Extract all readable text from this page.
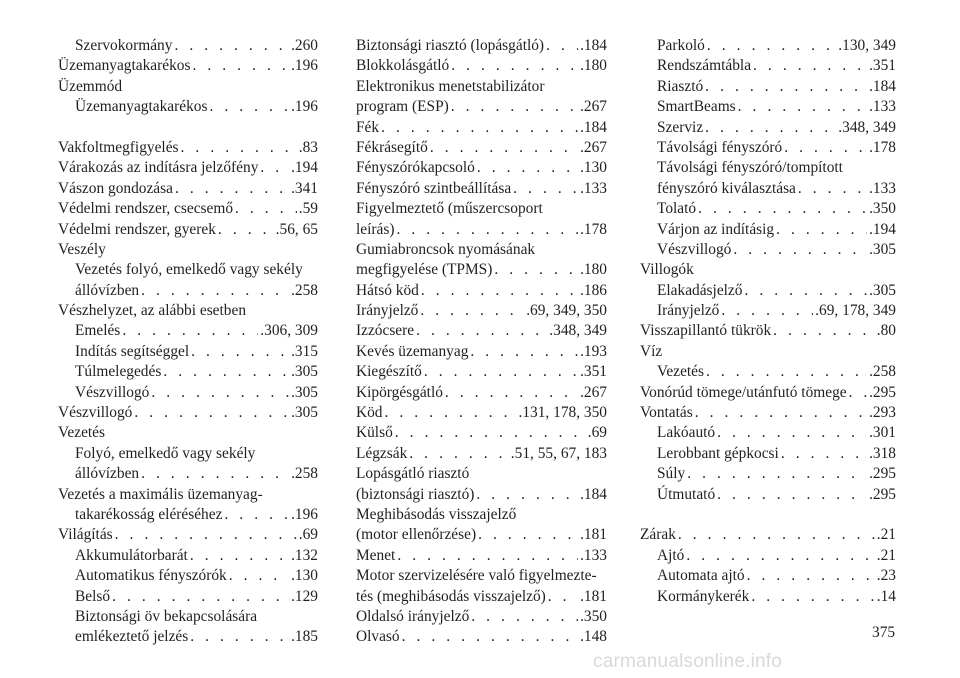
Szervokormány . . .	.260
Üzemanyagtakarékos . . .	.196
Üzemmód
Üzemanyagtakarékos . . .	.196
Vakfoltmegfigyelés . . .	.83
Várakozás az indításra jelzőfény . . . .194
Vászon gondozása . . .	.341
Védelmi rendszer, csecsemő . . .	.59
Védelmi rendszer, gyerek . . .	.56, 65
Veszély
Vezetés folyó, emelkedő vagy sekély
állóvízben . . .	.258
Vészhelyzet, az alábbi esetben
Emelés . . .	.306, 309
Indítás segítséggel . . .	.315
Túlmelegedés . . .	.305
Vészvillogó . . .	.305
Vészvillogó . . .	.305
Vezetés
Folyó, emelkedő vagy sekély
állóvízben . . .	.258
Vezetés a maximális üzemanyag-
takarékosság eléréséhez . . .	.196
Világítás . . .	.69
Akkumulátorbarát . . .	.132
Automatikus fényszórók . . .	.130
Belső . . .	.129
Biztonsági öv bekapcsolására
emlékeztető jelzés . . .	.185
Biztonsági riasztó (lopásgátló) . . . .184
Blokkolásgátló . . .	.180
Elektronikus menetstabilizátor
program (ESP) . . .	.267
Fék . . .	.184
Fékrásegítő . . .	.267
Fényszórókapcsoló . . .	.130
Fényszóró szintbeállítása . . .	.133
Figyelmeztető (műszercsoport
leírás) . . .	.178
Gumiabroncsok nyomásának
megfigyelése (TPMS) . . .	.180
Hátsó köd . . .	.186
Irányjelző . . .	.69, 349, 350
Izzócsere . . .	.348, 349
Kevés üzemanyag . . .	.193
Kiegészítő . . .	.351
Kipörgésgátló . . .	.267
Köd . . .	.131, 178, 350
Külső . . .	.69
Légzsák . . .	.51, 55, 67, 183
Lopásgátló riasztó
(biztonsági riasztó) . . .	.184
Meghibásodás visszajelző
(motor ellenőrzése) . . .	.181
Menet . . .	.133
Motor szervizelésére való figyelmezte-
tés (meghibásodás visszajelző) . . . .181
Oldalsó irányjelző . . .	.350
Olvasó . . .	.148
Parkoló . . .	.130, 349
Rendszámtábla . . .	.351
Riasztó . . .	.184
SmartBeams . . .	.133
Szerviz . . .	.348, 349
Távolsági fényszóró . . .	.178
Távolsági fényszóró/tompított
fényszóró kiválasztása . . .	.133
Tolató . . .	.350
Várjon az indításig . . .	.194
Vészvillogó . . .	.305
Villogók
Elakadásjelző . . .	.305
Irányjelző . . .	.69, 178, 349
Visszapillantó tükrök . . .	.80
Víz
Vezetés . . .	.258
Vonórúd tömege/utánfutó tömege . . . .295
Vontatás . . .	.293
Lakóautó . . .	.301
Lerobbant gépkocsi . . .	.318
Súly . . .	.295
Útmutató . . .	.295
Zárak . . .	.21
Ajtó . . .	.21
Automata ajtó . . .	.23
Kormánykerék . . .	.14
375
carmanualsonline.info
